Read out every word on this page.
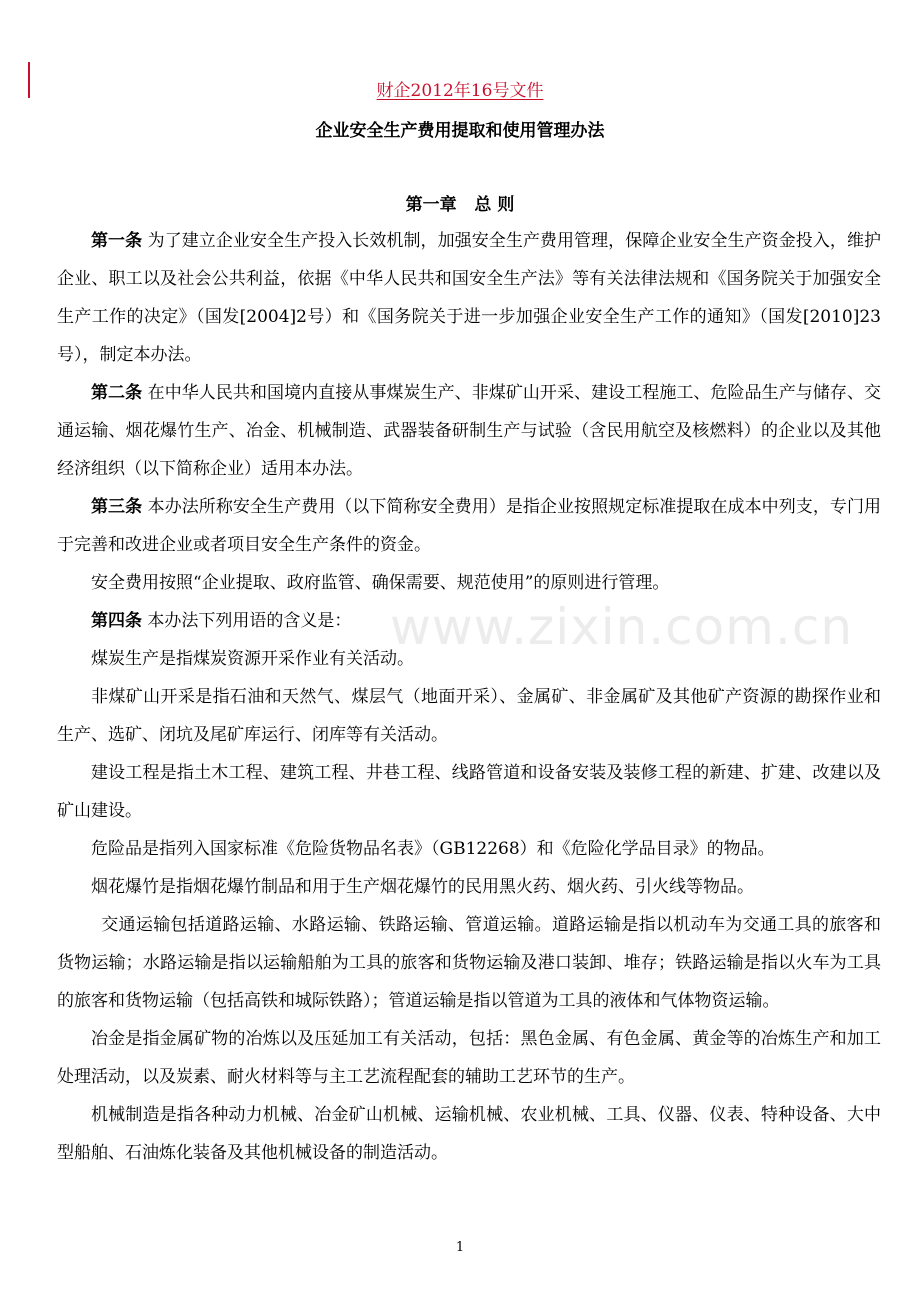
财企2012年16号文件
企业安全生产费用提取和使用管理办法
第一章   总 则

第一条 为了建立企业安全生产投入长效机制，加强安全生产费用管理，保障企业安全生产资金投入，维护企业、职工以及社会公共利益，依据《中华人民共和国安全生产法》等有关法律法规和《国务院关于加强安全生产工作的决定》（国发[2004]2号）和《国务院关于进一步加强企业安全生产工作的通知》（国发[2010]23号），制定本办法。

第二条 在中华人民共和国境内直接从事煤炭生产、非煤矿山开采、建设工程施工、危险品生产与储存、交通运输、烟花爆竹生产、冶金、机械制造、武器装备研制生产与试验（含民用航空及核燃料）的企业以及其他经济组织（以下简称企业）适用本办法。

第三条 本办法所称安全生产费用（以下简称安全费用）是指企业按照规定标准提取在成本中列支，专门用于完善和改进企业或者项目安全生产条件的资金。

安全费用按照“企业提取、政府监管、确保需要、规范使用”的原则进行管理。

第四条 本办法下列用语的含义是：

煤炭生产是指煤炭资源开采作业有关活动。

非煤矿山开采是指石油和天然气、煤层气（地面开采）、金属矿、非金属矿及其他矿产资源的勘探作业和生产、选矿、闭坑及尾矿库运行、闭库等有关活动。

建设工程是指土木工程、建筑工程、井巷工程、线路管道和设备安装及装修工程的新建、扩建、改建以及矿山建设。

危险品是指列入国家标准《危险货物品名表》（GB12268）和《危险化学品目录》的物品。

烟花爆竹是指烟花爆竹制品和用于生产烟花爆竹的民用黑火药、烟火药、引火线等物品。

交通运输包括道路运输、水路运输、铁路运输、管道运输。道路运输是指以机动车为交通工具的旅客和货物运输；水路运输是指以运输船舶为工具的旅客和货物运输及港口装卸、堆存；铁路运输是指以火车为工具的旅客和货物运输（包括高铁和城际铁路）；管道运输是指以管道为工具的液体和气体物资运输。

冶金是指金属矿物的冶炼以及压延加工有关活动，包括：黑色金属、有色金属、黄金等的冶炼生产和加工处理活动，以及炭素、耐火材料等与主工艺流程配套的辅助工艺环节的生产。

机械制造是指各种动力机械、冶金矿山机械、运输机械、农业机械、工具、仪器、仪表、特种设备、大中型船舶、石油炼化装备及其他机械设备的制造活动。

www.zixin.com.cn
1
